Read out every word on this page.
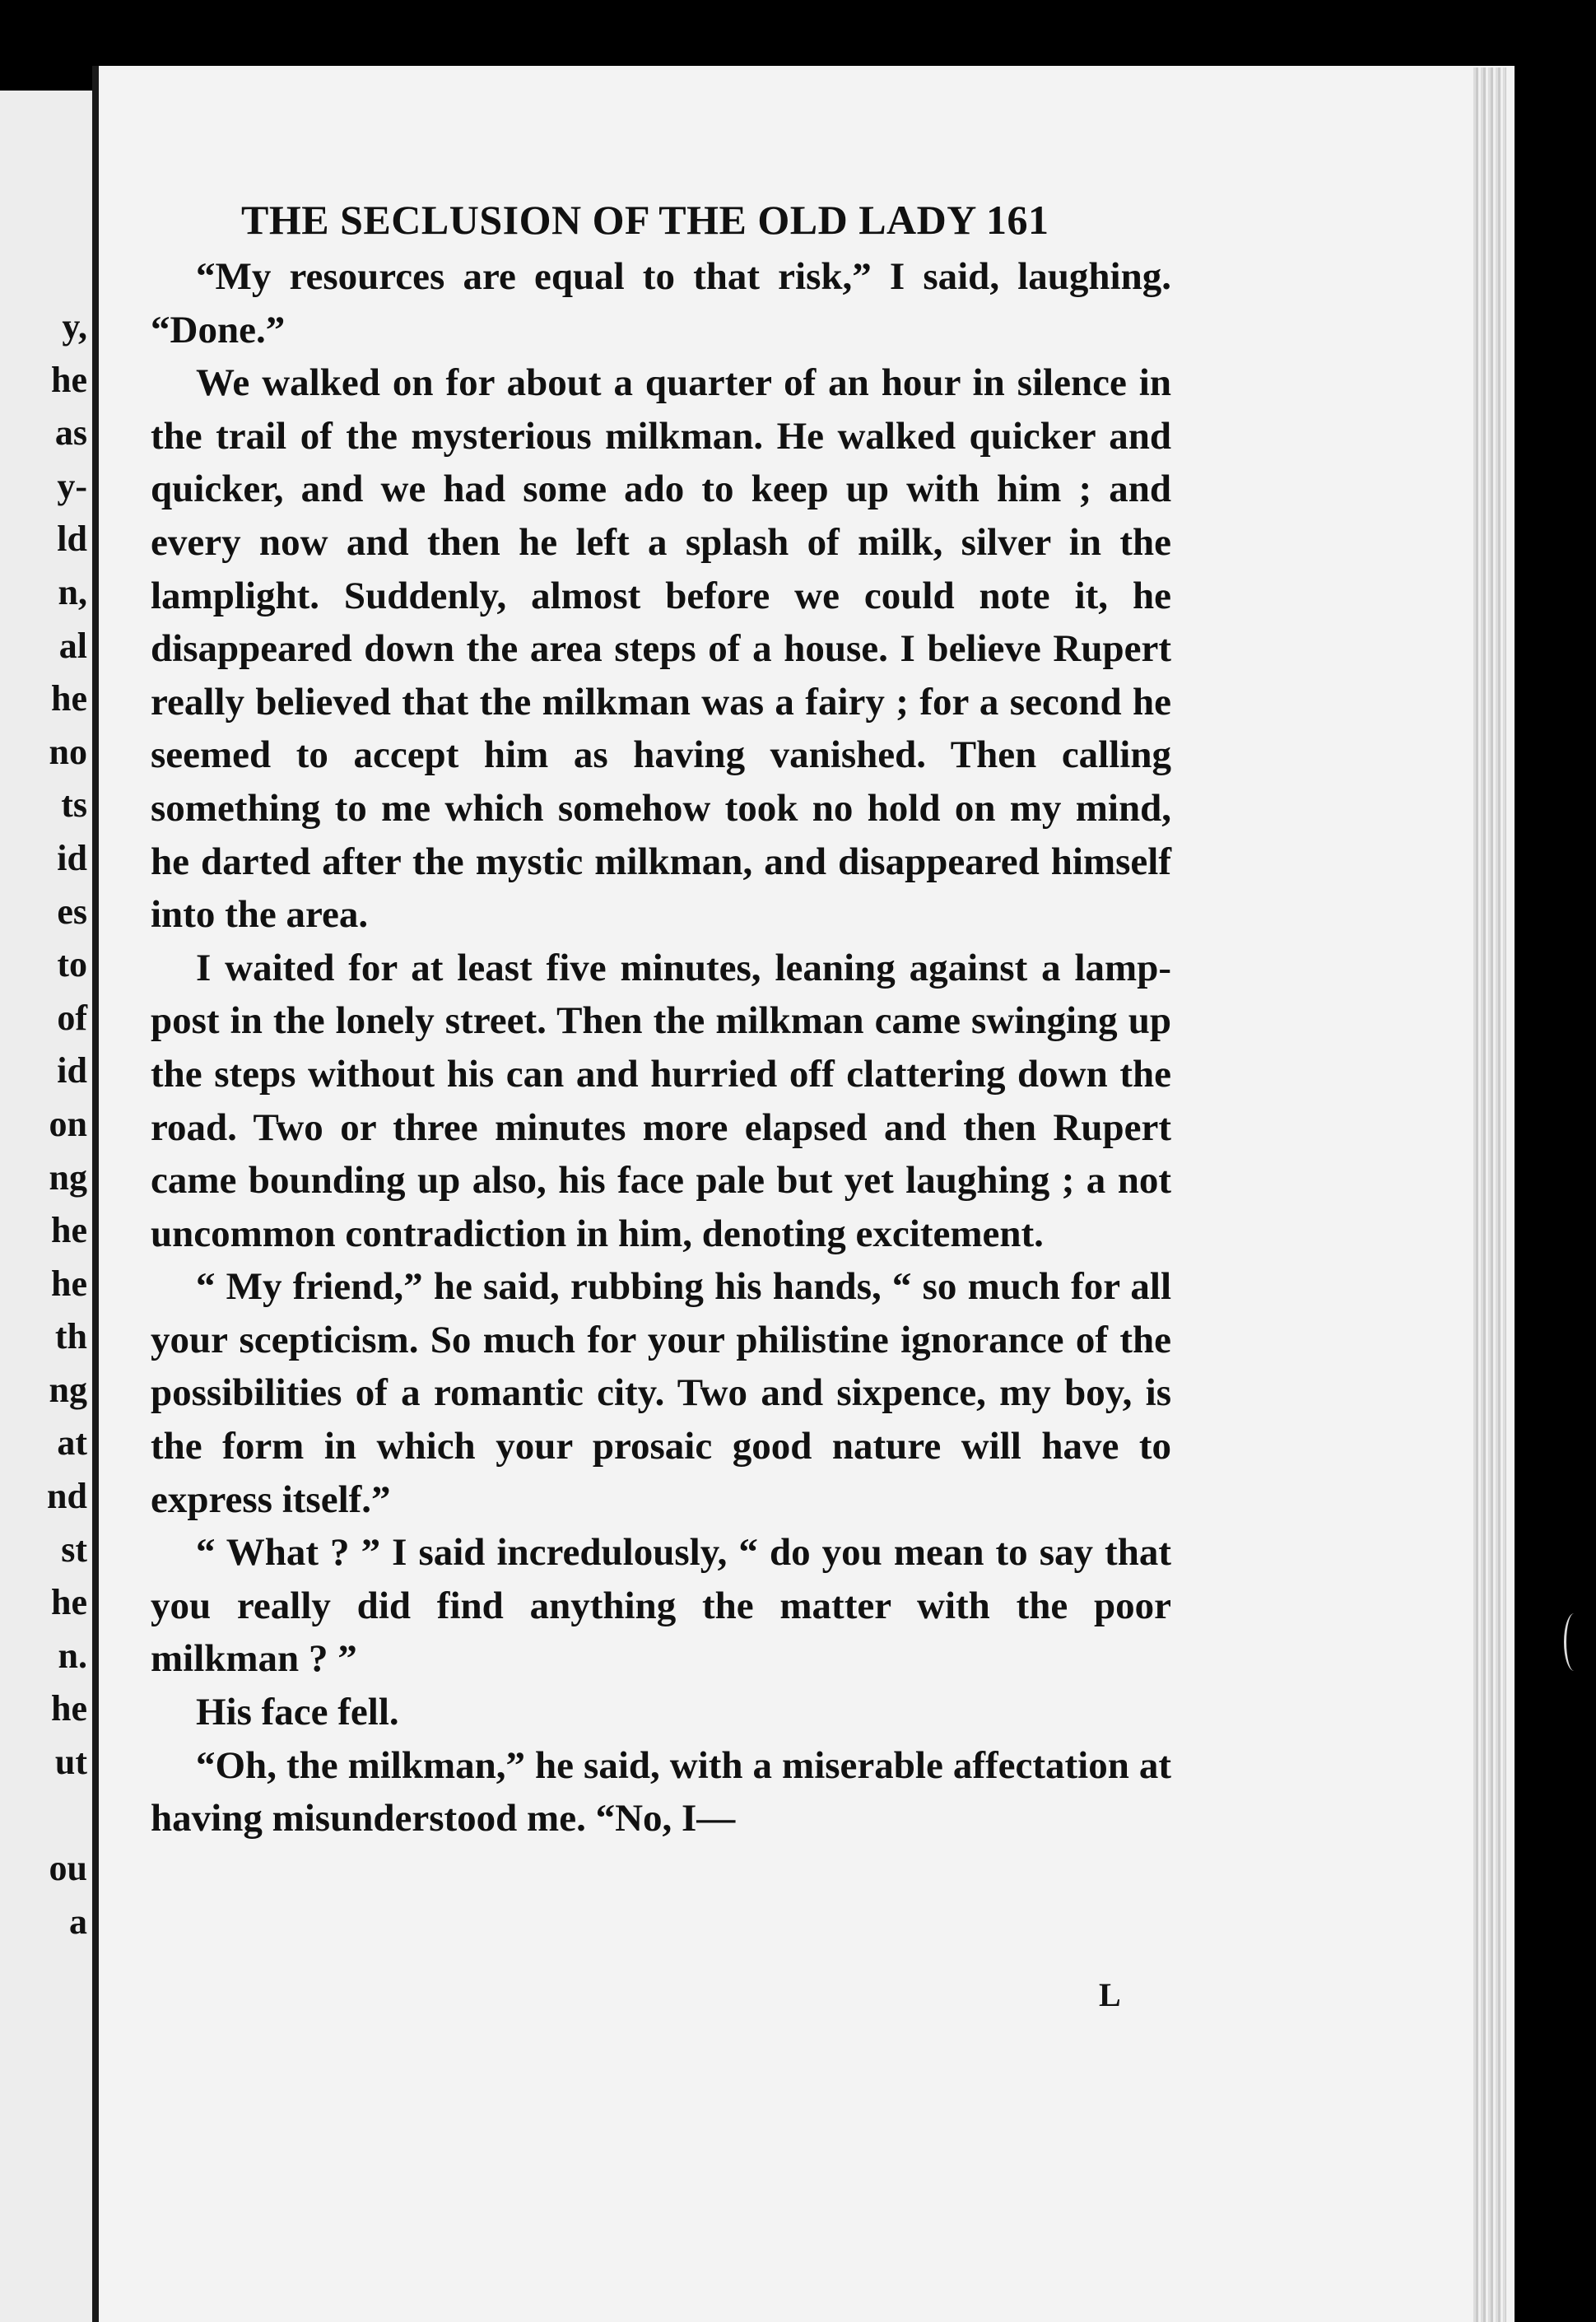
y,
he
as
y-
ld
n,
al
he
no
ts
id
es
to
of
id
on
ng
he
he
th
ng
at
nd
st
he
n.
he
ut

ou
a
THE SECLUSION OF THE OLD LADY 161

“My resources are equal to that risk,” I said, laughing. “Done.”

We walked on for about a quarter of an hour in silence in the trail of the mysterious milkman. He walked quicker and quicker, and we had some ado to keep up with him ; and every now and then he left a splash of milk, silver in the lamplight. Suddenly, almost before we could note it, he disappeared down the area steps of a house. I believe Rupert really believed that the milkman was a fairy ; for a second he seemed to accept him as having vanished. Then calling something to me which somehow took no hold on my mind, he darted after the mystic milkman, and disappeared himself into the area.

I waited for at least five minutes, leaning against a lamp-post in the lonely street. Then the milkman came swinging up the steps without his can and hurried off clattering down the road. Two or three minutes more elapsed and then Rupert came bounding up also, his face pale but yet laughing ; a not uncommon contradiction in him, denoting excitement.

“ My friend,” he said, rubbing his hands, “ so much for all your scepticism. So much for your philistine ignorance of the possibilities of a romantic city. Two and sixpence, my boy, is the form in which your prosaic good nature will have to express itself.”

“ What ? ” I said incredulously, “ do you mean to say that you really did find anything the matter with the poor milkman ? ”

His face fell.

“Oh, the milkman,” he said, with a miserable affectation at having misunderstood me. “No, I—

L
